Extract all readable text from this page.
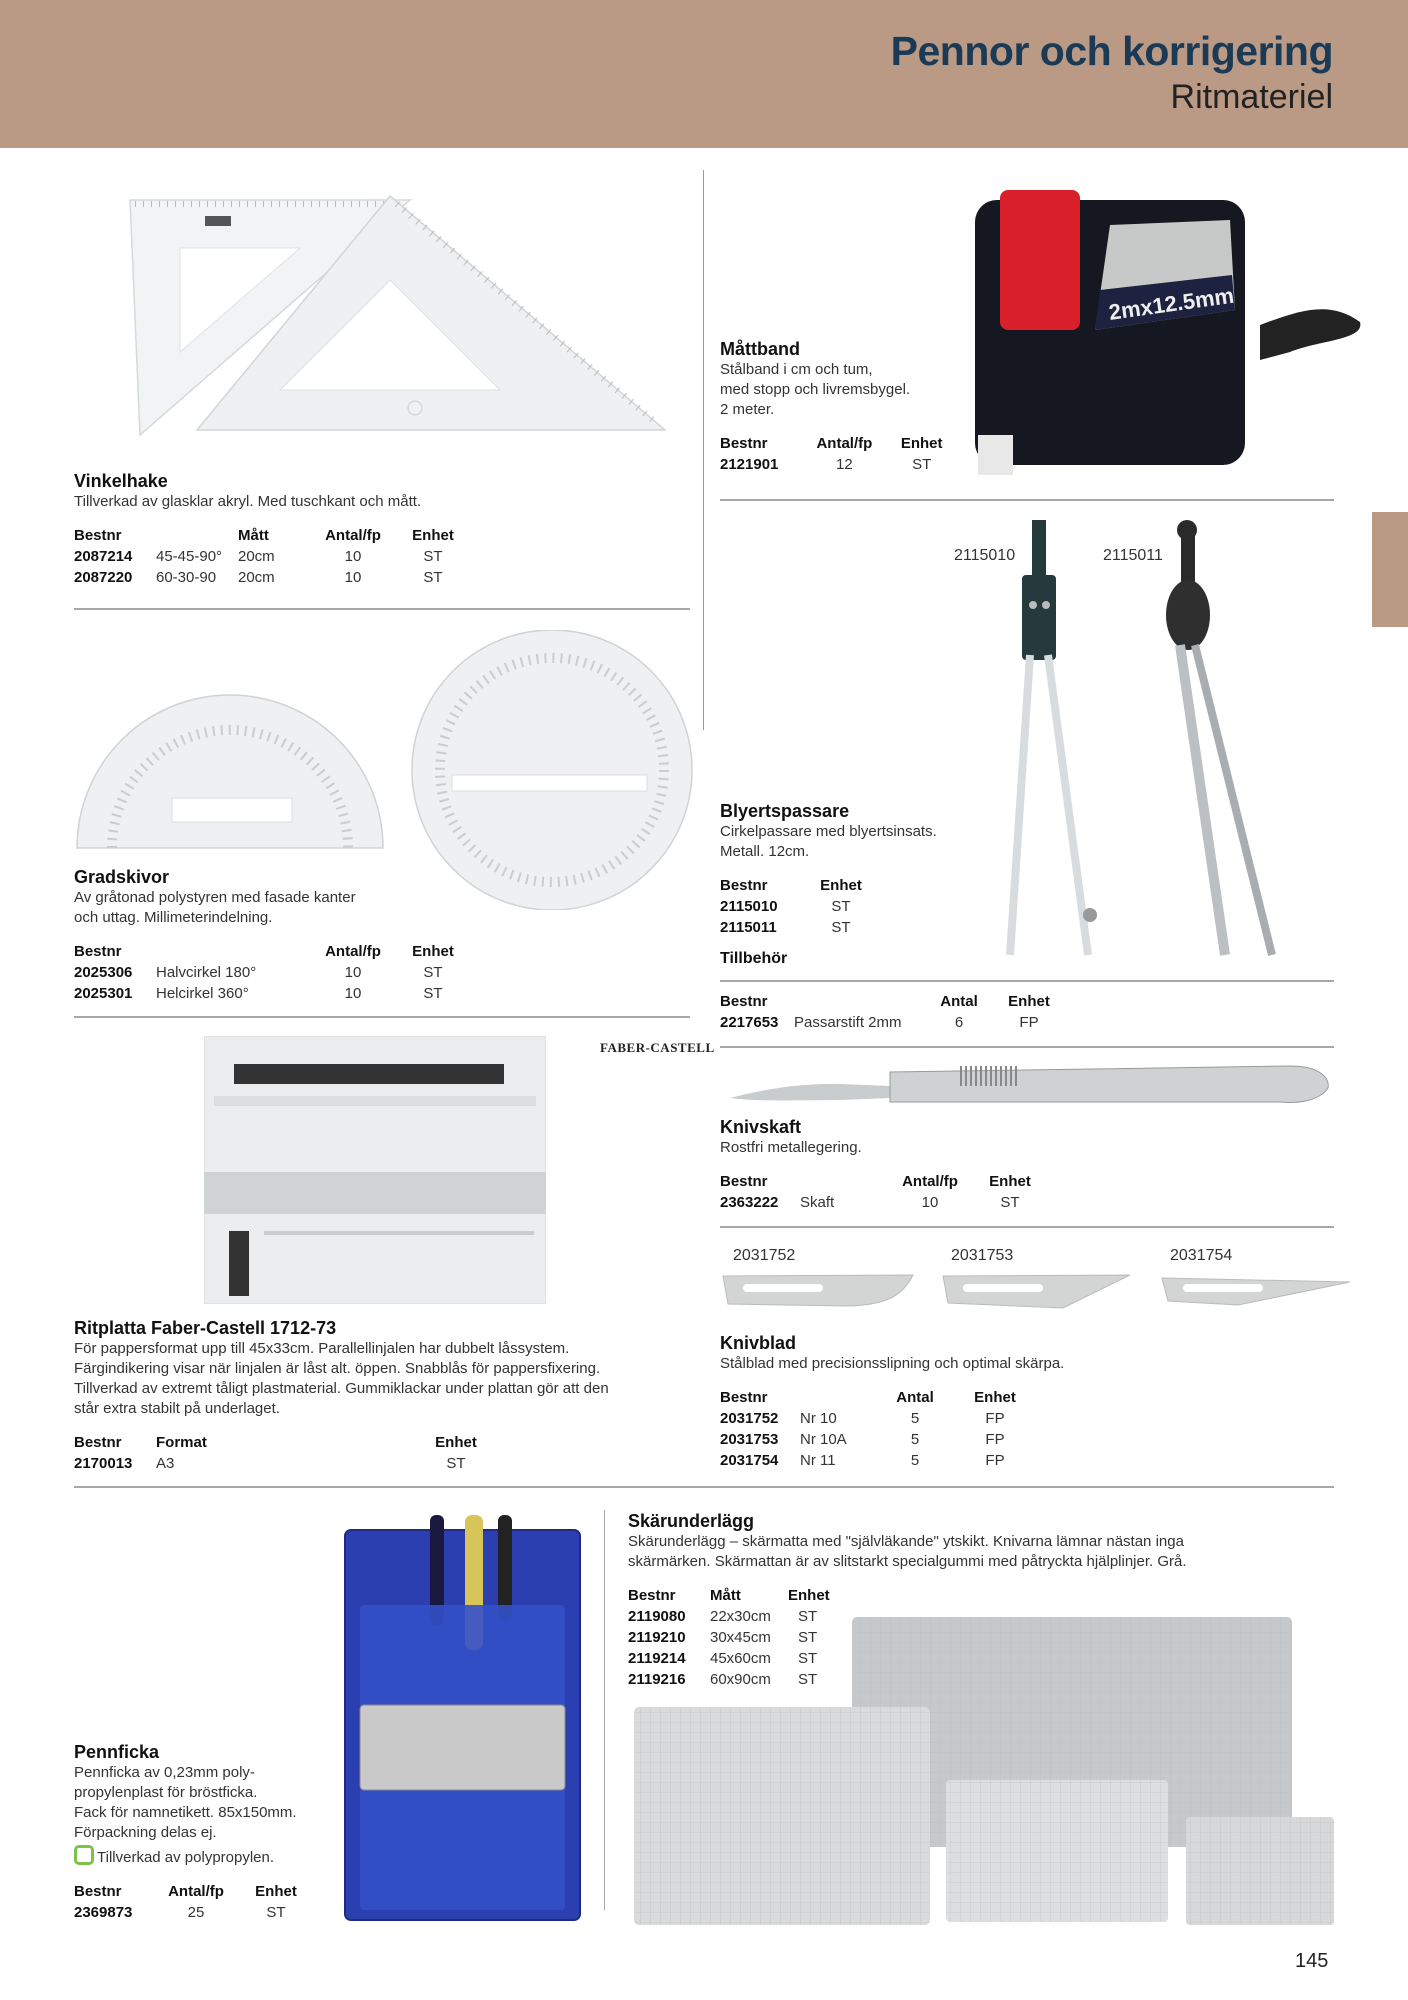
Pennor och korrigering
Ritmateriel
Vinkelhake
Tillverkad av glasklar akryl. Med tuschkant och mått.
Bestnr		Mått	Antal/fp	Enhet
2087214	45-45-90°	20cm	10	ST
2087220	60-30-90	20cm	10	ST
2mx12.5mm
Måttband
Stålband i cm och tum,
med stopp och livremsbygel.
2 meter.
Bestnr	Antal/fp	Enhet
2121901	12	ST
Gradskivor
Av gråtonad polystyren med fasade kanter
och uttag. Millimeterindelning.
Bestnr		Antal/fp	Enhet
2025306	Halvcirkel 180°	10	ST
2025301	Helcirkel 360°	10	ST
2115010	2115011
Blyertspassare
Cirkelpassare med blyertsinsats.
Metall. 12cm.
Bestnr	Enhet
2115010	ST
2115011	ST
Tillbehör
Bestnr		Antal	Enhet
2217653	Passarstift 2mm	6	FP
FABER-CASTELL
Ritplatta Faber-Castell 1712-73
För pappersformat upp till 45x33cm. Parallellinjalen har dubbelt låssystem.
Färgindikering visar när linjalen är låst alt. öppen. Snabblås för pappersfixering.
Tillverkad av extremt tåligt plastmaterial. Gummiklackar under plattan gör att den
står extra stabilt på underlaget.
Bestnr	Format	Enhet
2170013	A3	ST
Knivskaft
Rostfri metallegering.
Bestnr		Antal/fp	Enhet
2363222	Skaft	10	ST
2031752	2031753	2031754
Knivblad
Stålblad med precisionsslipning och optimal skärpa.
Bestnr		Antal	Enhet
2031752	Nr 10	5	FP
2031753	Nr 10A	5	FP
2031754	Nr 11	5	FP
Pennficka
Pennficka av 0,23mm poly-
propylenplast för bröstficka.
Fack för namnetikett. 85x150mm.
Förpackning delas ej.
Tillverkad av polypropylen.
Bestnr	Antal/fp	Enhet
2369873	25	ST
Skärunderlägg
Skärunderlägg – skärmatta med "självläkande" ytskikt. Knivarna lämnar nästan inga
skärmärken. Skärmattan är av slitstarkt specialgummi med påtryckta hjälplinjer. Grå.
Bestnr	Mått	Enhet
2119080	22x30cm	ST
2119210	30x45cm	ST
2119214	45x60cm	ST
2119216	60x90cm	ST
145
